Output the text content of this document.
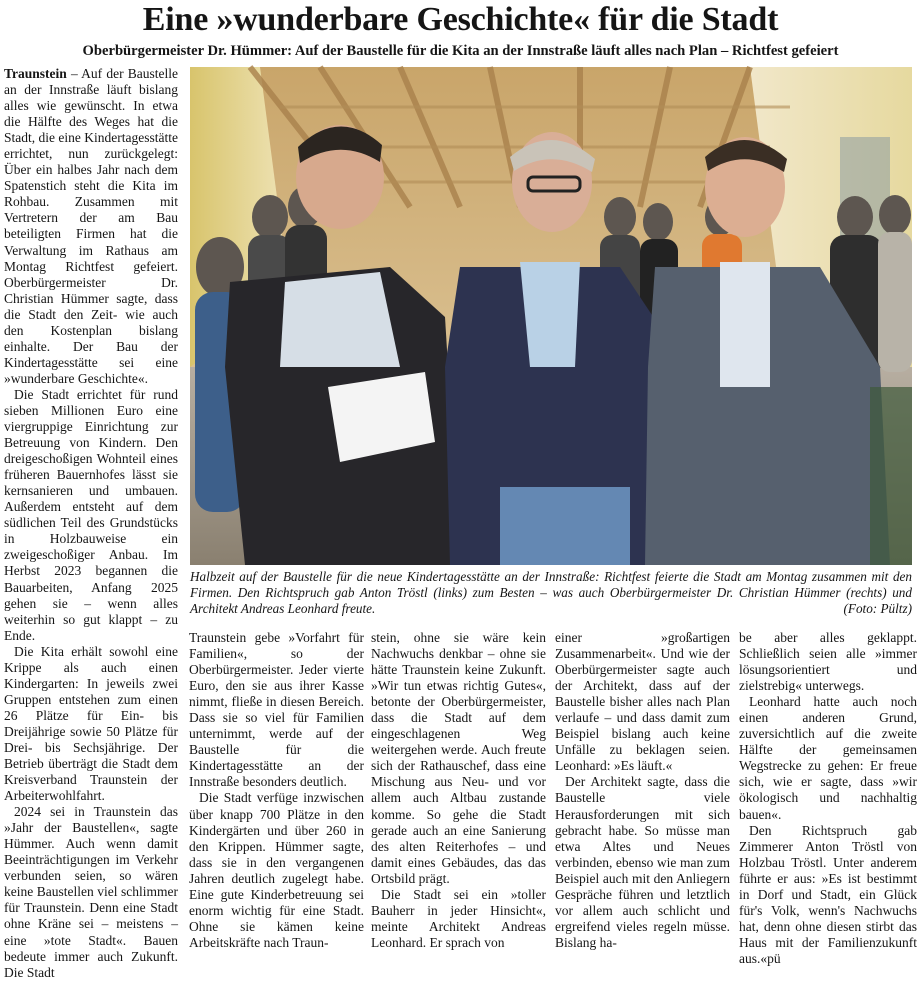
Eine »wunderbare Geschichte« für die Stadt
Oberbürgermeister Dr. Hümmer: Auf der Baustelle für die Kita an der Innstraße läuft alles nach Plan – Richtfest gefeiert

Traunstein – Auf der Baustelle an der Innstraße läuft bislang alles wie gewünscht. In etwa die Hälfte des Weges hat die Stadt, die eine Kindertagesstätte errichtet, nun zurückgelegt: Über ein halbes Jahr nach dem Spatenstich steht die Kita im Rohbau. Zusammen mit Vertretern der am Bau beteiligten Firmen hat die Verwaltung im Rathaus am Montag Richtfest gefeiert. Oberbürgermeister Dr. Christian Hümmer sagte, dass die Stadt den Zeit- wie auch den Kostenplan bislang einhalte. Der Bau der Kindertagesstätte sei eine »wunderbare Geschichte«.

Die Stadt errichtet für rund sieben Millionen Euro eine viergruppige Einrichtung zur Betreuung von Kindern. Den dreigeschoßigen Wohnteil eines früheren Bauernhofes lässt sie kernsanieren und umbauen. Außerdem entsteht auf dem südlichen Teil des Grundstücks in Holzbauweise ein zweigeschoßiger Anbau. Im Herbst 2023 begannen die Bauarbeiten, Anfang 2025 gehen sie – wenn alles weiterhin so gut klappt – zu Ende.

Die Kita erhält sowohl eine Krippe als auch einen Kindergarten: In jeweils zwei Gruppen entstehen zum einen 26 Plätze für Ein- bis Dreijährige sowie 50 Plätze für Drei- bis Sechsjährige. Der Betrieb überträgt die Stadt dem Kreisverband Traunstein der Arbeiterwohlfahrt.

2024 sei in Traunstein das »Jahr der Baustellen«, sagte Hümmer. Auch wenn damit Beeinträchtigungen im Verkehr verbunden seien, so wären keine Baustellen viel schlimmer für Traunstein. Denn eine Stadt ohne Kräne sei – meistens – eine »tote Stadt«. Bauen bedeute immer auch Zukunft. Die Stadt

Halbzeit auf der Baustelle für die neue Kindertagesstätte an der Innstraße: Richtfest feierte die Stadt am Montag zusammen mit den Firmen. Den Richtspruch gab Anton Tröstl (links) zum Besten – was auch Oberbürgermeister Dr. Christian Hümmer (rechts) und Architekt Andreas Leonhard freute.	(Foto: Pültz)

Traunstein gebe »Vorfahrt für Familien«, so der Oberbürgermeister. Jeder vierte Euro, den sie aus ihrer Kasse nimmt, fließe in diesen Bereich. Dass sie so viel für Familien unternimmt, werde auf der Baustelle für die Kindertagesstätte an der Innstraße besonders deutlich.

Die Stadt verfüge inzwischen über knapp 700 Plätze in den Kindergärten und über 260 in den Krippen. Hümmer sagte, dass sie in den vergangenen Jahren deutlich zugelegt habe. Eine gute Kinderbetreuung sei enorm wichtig für eine Stadt. Ohne sie kämen keine Arbeitskräfte nach Traun-

stein, ohne sie wäre kein Nachwuchs denkbar – ohne sie hätte Traunstein keine Zukunft. »Wir tun etwas richtig Gutes«, betonte der Oberbürgermeister, dass die Stadt auf dem eingeschlagenen Weg weitergehen werde. Auch freute sich der Rathauschef, dass eine Mischung aus Neu- und vor allem auch Altbau zustande komme. So gehe die Stadt gerade auch an eine Sanierung des alten Reiterhofes – und damit eines Gebäudes, das das Ortsbild prägt.

Die Stadt sei ein »toller Bauherr in jeder Hinsicht«, meinte Architekt Andreas Leonhard. Er sprach von

einer »großartigen Zusammenarbeit«. Und wie der Oberbürgermeister sagte auch der Architekt, dass auf der Baustelle bisher alles nach Plan verlaufe – und dass damit zum Beispiel bislang auch keine Unfälle zu beklagen seien. Leonhard: »Es läuft.«

Der Architekt sagte, dass die Baustelle viele Herausforderungen mit sich gebracht habe. So müsse man etwa Altes und Neues verbinden, ebenso wie man zum Beispiel auch mit den Anliegern Gespräche führen und letztlich vor allem auch schlicht und ergreifend vieles regeln müsse. Bislang ha-

be aber alles geklappt. Schließlich seien alle »immer lösungsorientiert und zielstrebig« unterwegs.

Leonhard hatte auch noch einen anderen Grund, zuversichtlich auf die zweite Hälfte der gemeinsamen Wegstrecke zu gehen: Er freue sich, wie er sagte, dass »wir ökologisch und nachhaltig bauen«.

Den Richtspruch gab Zimmerer Anton Tröstl von Holzbau Tröstl. Unter anderem führte er aus: »Es ist bestimmt in Dorf und Stadt, ein Glück für's Volk, wenn's Nachwuchs hat, denn ohne diesen stirbt das Haus mit der Familienzukunft aus.«pü
